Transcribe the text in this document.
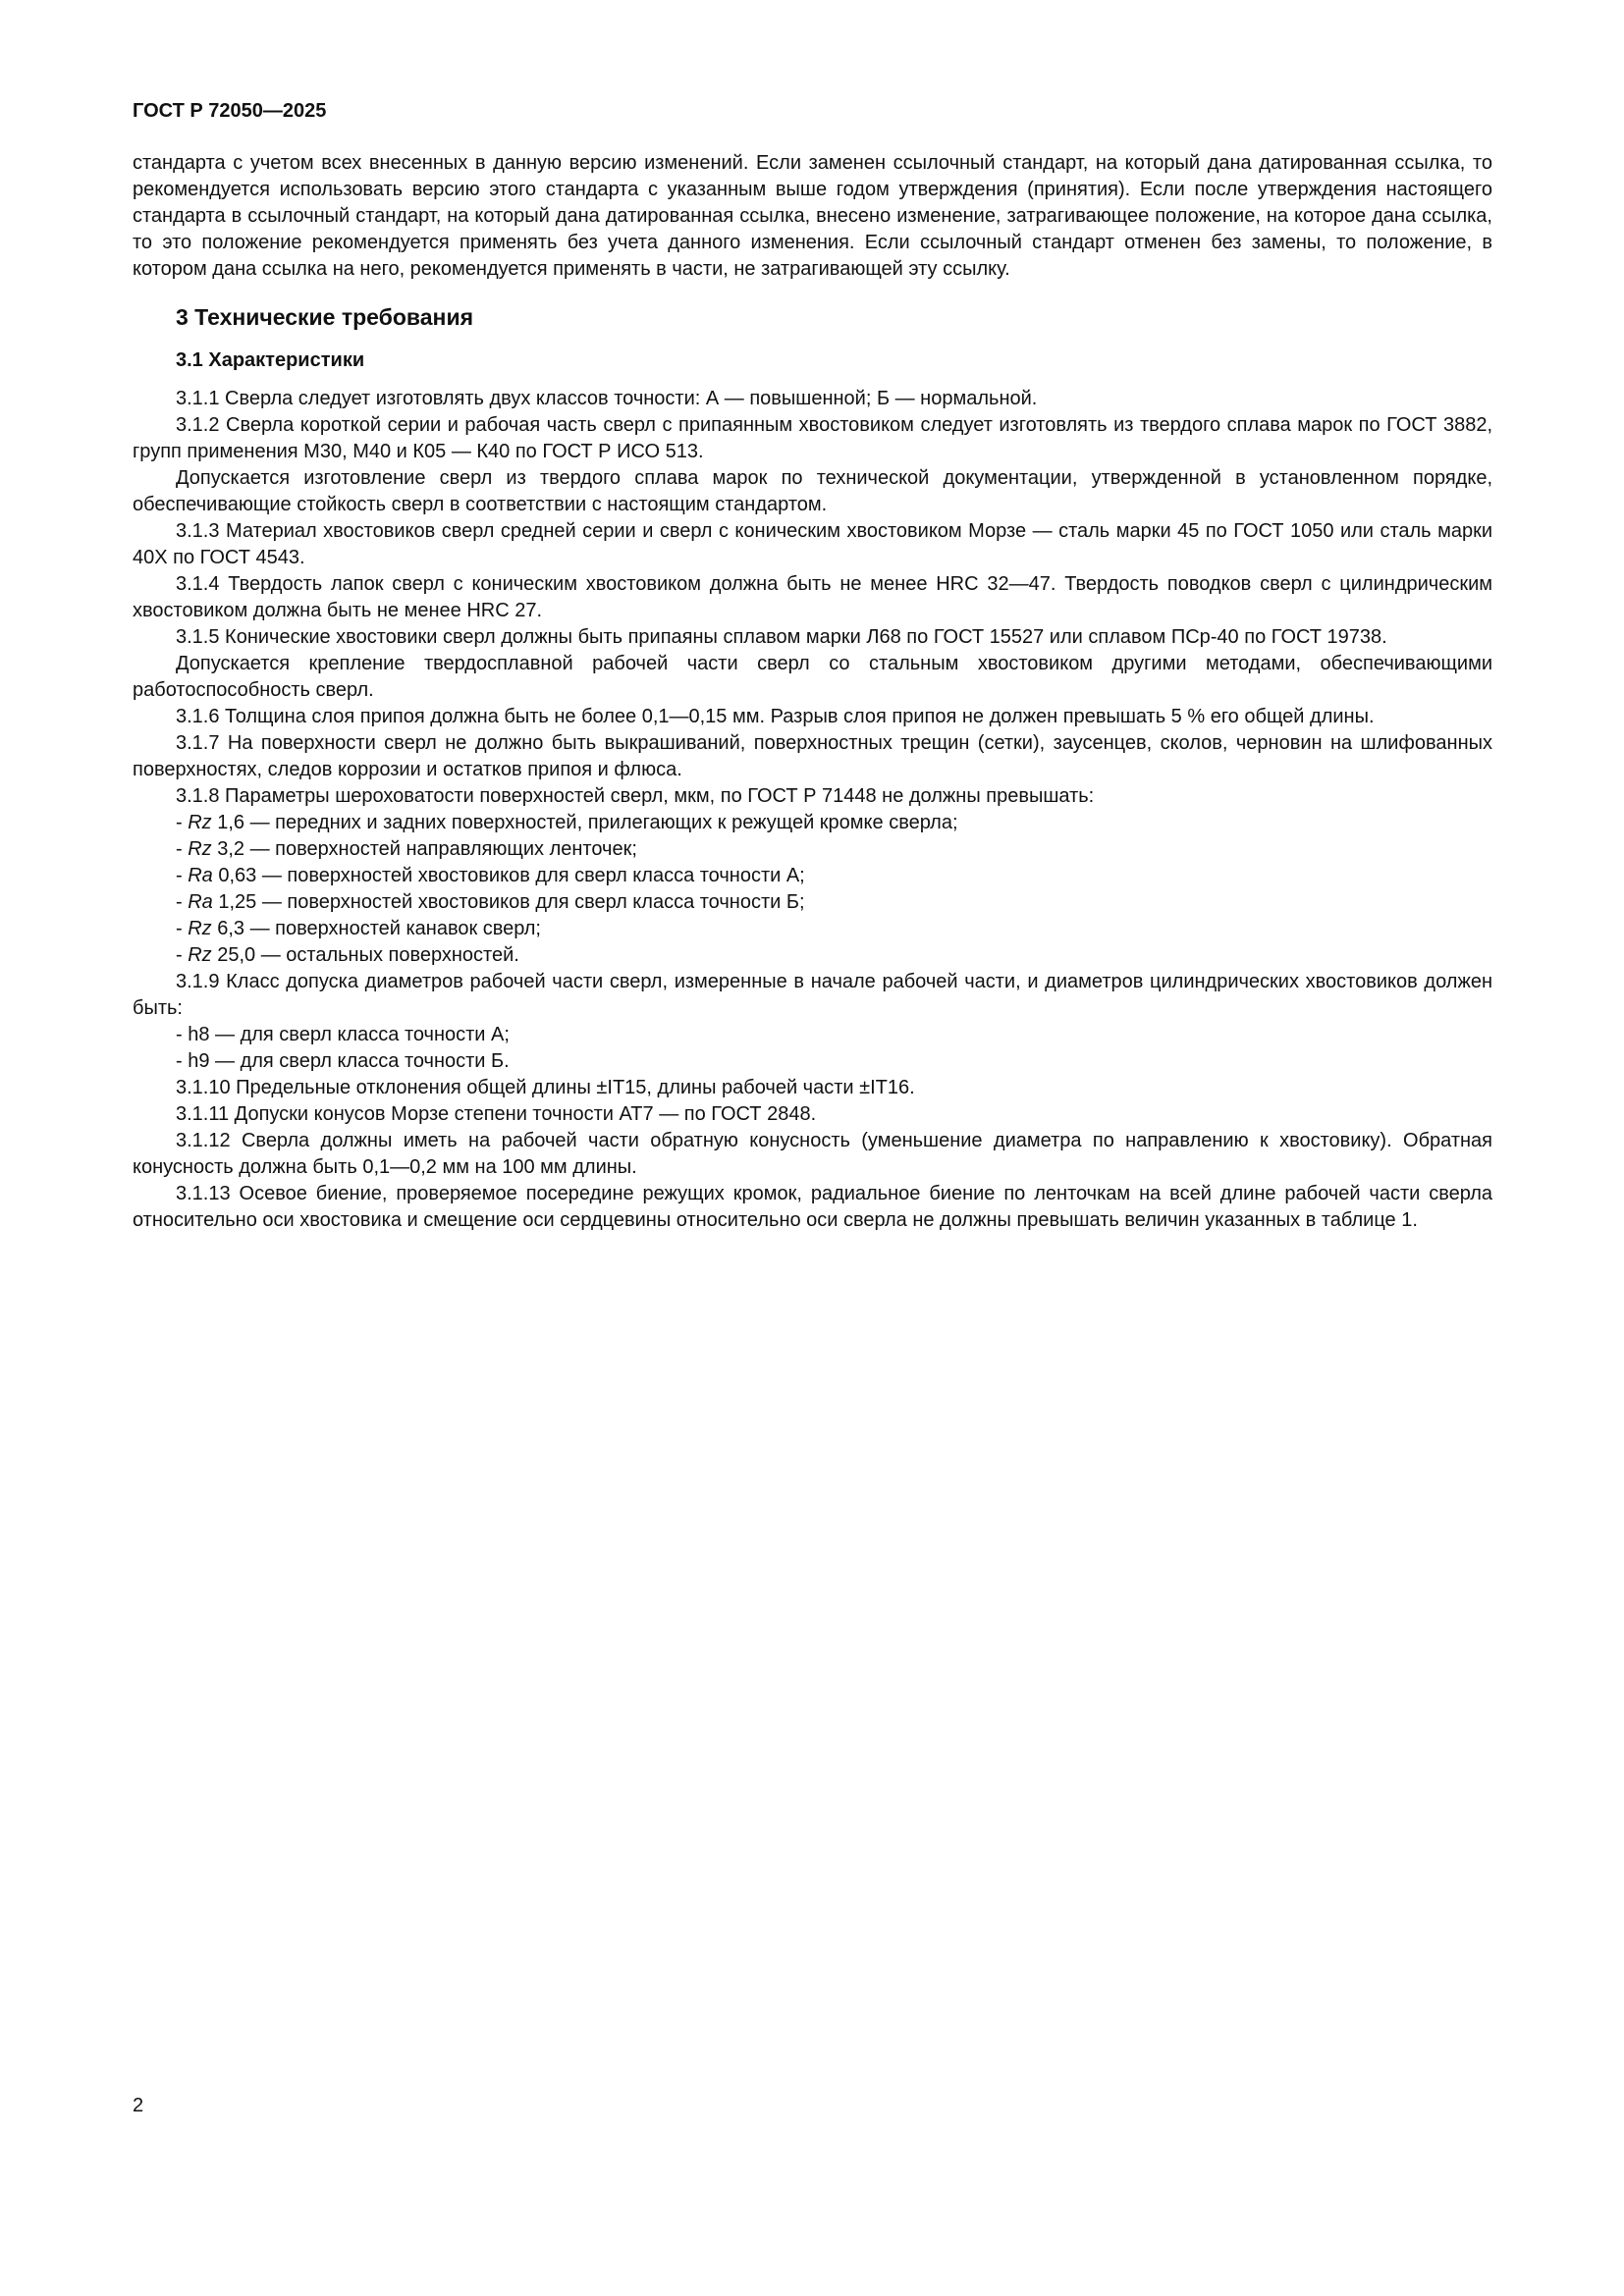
ГОСТ Р 72050—2025

стандарта с учетом всех внесенных в данную версию изменений. Если заменен ссылочный стандарт, на который дана датированная ссылка, то рекомендуется использовать версию этого стандарта с указанным выше годом утверждения (принятия). Если после утверждения настоящего стандарта в ссылочный стандарт, на который дана датированная ссылка, внесено изменение, затрагивающее положение, на которое дана ссылка, то это положение рекомендуется применять без учета данного изменения. Если ссылочный стандарт отменен без замены, то положение, в котором дана ссылка на него, рекомендуется применять в части, не затрагивающей эту ссылку.

3 Технические требования
3.1 Характеристики

3.1.1 Сверла следует изготовлять двух классов точности: А — повышенной; Б — нормальной.

3.1.2 Сверла короткой серии и рабочая часть сверл с припаянным хвостовиком следует изготовлять из твердого сплава марок по ГОСТ 3882, групп применения М30, М40 и К05 — К40 по ГОСТ Р ИСО 513.

Допускается изготовление сверл из твердого сплава марок по технической документации, утвержденной в установленном порядке, обеспечивающие стойкость сверл в соответствии с настоящим стандартом.

3.1.3 Материал хвостовиков сверл средней серии и сверл с коническим хвостовиком Морзе — сталь марки 45 по ГОСТ 1050 или сталь марки 40Х по ГОСТ 4543.

3.1.4 Твердость лапок сверл с коническим хвостовиком должна быть не менее HRC 32—47. Твердость поводков сверл с цилиндрическим хвостовиком должна быть не менее HRC 27.

3.1.5 Конические хвостовики сверл должны быть припаяны сплавом марки Л68 по ГОСТ 15527 или сплавом ПСр-40 по ГОСТ 19738.

Допускается крепление твердосплавной рабочей части сверл со стальным хвостовиком другими методами, обеспечивающими работоспособность сверл.

3.1.6 Толщина слоя припоя должна быть не более 0,1—0,15 мм. Разрыв слоя припоя не должен превышать 5 % его общей длины.

3.1.7 На поверхности сверл не должно быть выкрашиваний, поверхностных трещин (сетки), заусенцев, сколов, черновин на шлифованных поверхностях, следов коррозии и остатков припоя и флюса.

3.1.8 Параметры шероховатости поверхностей сверл, мкм, по ГОСТ Р 71448 не должны превышать:

- Rz 1,6 — передних и задних поверхностей, прилегающих к режущей кромке сверла;

- Rz 3,2 — поверхностей направляющих ленточек;

- Ra 0,63 — поверхностей хвостовиков для сверл класса точности А;

- Ra 1,25 — поверхностей хвостовиков для сверл класса точности Б;

- Rz 6,3 — поверхностей канавок сверл;

- Rz 25,0 — остальных поверхностей.

3.1.9 Класс допуска диаметров рабочей части сверл, измеренные в начале рабочей части, и диаметров цилиндрических хвостовиков должен быть:

- h8 — для сверл класса точности А;

- h9 — для сверл класса точности Б.

3.1.10 Предельные отклонения общей длины ±IT15, длины рабочей части ±IT16.

3.1.11 Допуски конусов Морзе степени точности АТ7 — по ГОСТ 2848.

3.1.12 Сверла должны иметь на рабочей части обратную конусность (уменьшение диаметра по направлению к хвостовику). Обратная конусность должна быть 0,1—0,2 мм на 100 мм длины.

3.1.13 Осевое биение, проверяемое посередине режущих кромок, радиальное биение по ленточкам на всей длине рабочей части сверла относительно оси хвостовика и смещение оси сердцевины относительно оси сверла не должны превышать величин указанных в таблице 1.

2
